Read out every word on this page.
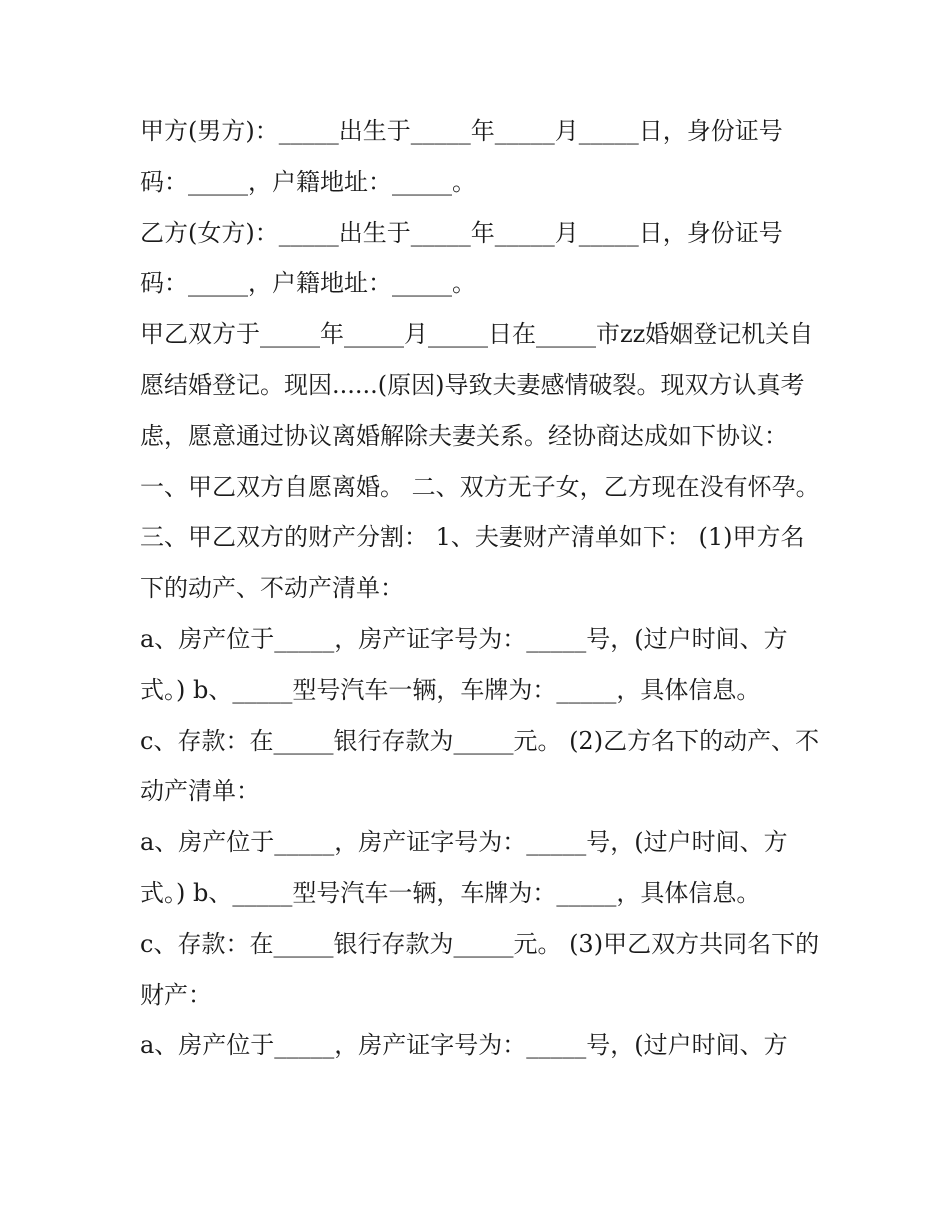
甲方(男方)：_____出生于_____年_____月_____日，身份证号码：_____，户籍地址：_____。

乙方(女方)：_____出生于_____年_____月_____日，身份证号码：_____，户籍地址：_____。

甲乙双方于_____年_____月_____日在_____市zz婚姻登记机关自愿结婚登记。现因......(原因)导致夫妻感情破裂。现双方认真考虑，愿意通过协议离婚解除夫妻关系。经协商达成如下协议：

一、甲乙双方自愿离婚。 二、双方无子女，乙方现在没有怀孕。 三、甲乙双方的财产分割： 1、夫妻财产清单如下： (1)甲方名下的动产、不动产清单：

a、房产位于_____，房产证字号为：_____号，(过户时间、方式。) b、_____型号汽车一辆，车牌为：_____，具体信息。

c、存款：在_____银行存款为_____元。 (2)乙方名下的动产、不动产清单：

a、房产位于_____，房产证字号为：_____号，(过户时间、方式。) b、_____型号汽车一辆，车牌为：_____，具体信息。

c、存款：在_____银行存款为_____元。 (3)甲乙双方共同名下的财产：

a、房产位于_____，房产证字号为：_____号，(过户时间、方
